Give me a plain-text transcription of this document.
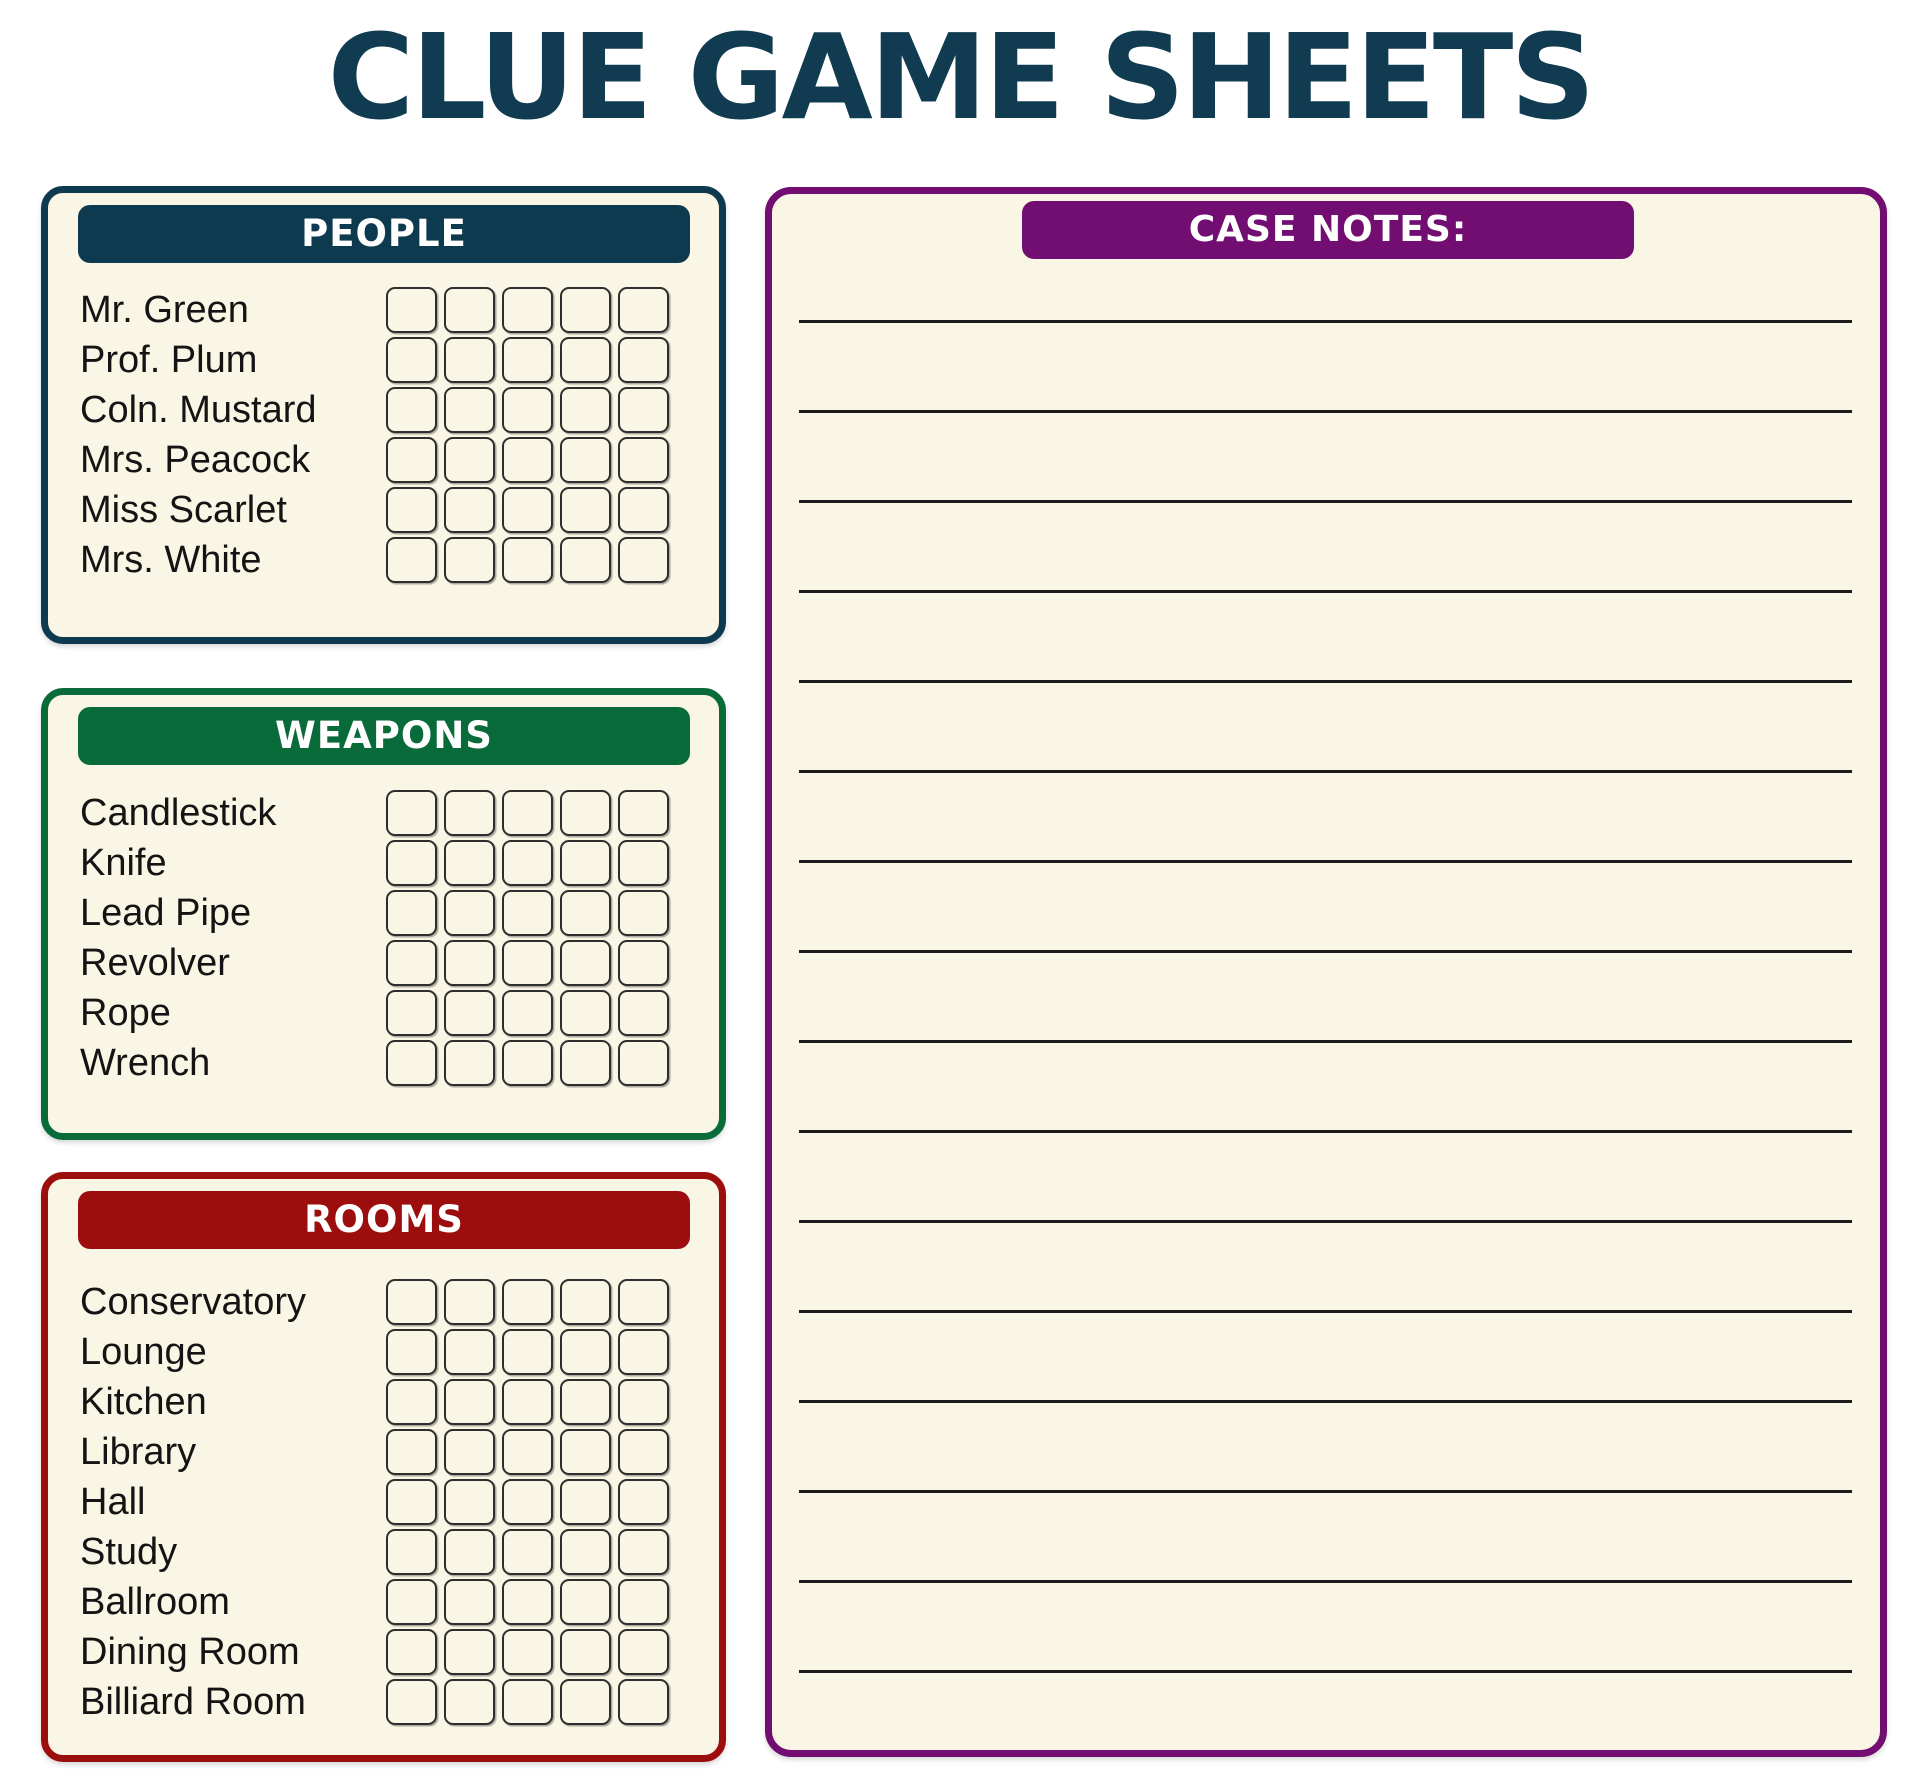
CLUE GAME SHEETS
PEOPLE
Mr. Green
Prof. Plum
Coln. Mustard
Mrs. Peacock
Miss Scarlet
Mrs. White
WEAPONS
Candlestick
Knife
Lead Pipe
Revolver
Rope
Wrench
ROOMS
Conservatory
Lounge
Kitchen
Library
Hall
Study
Ballroom
Dining Room
Billiard Room
CASE NOTES:
